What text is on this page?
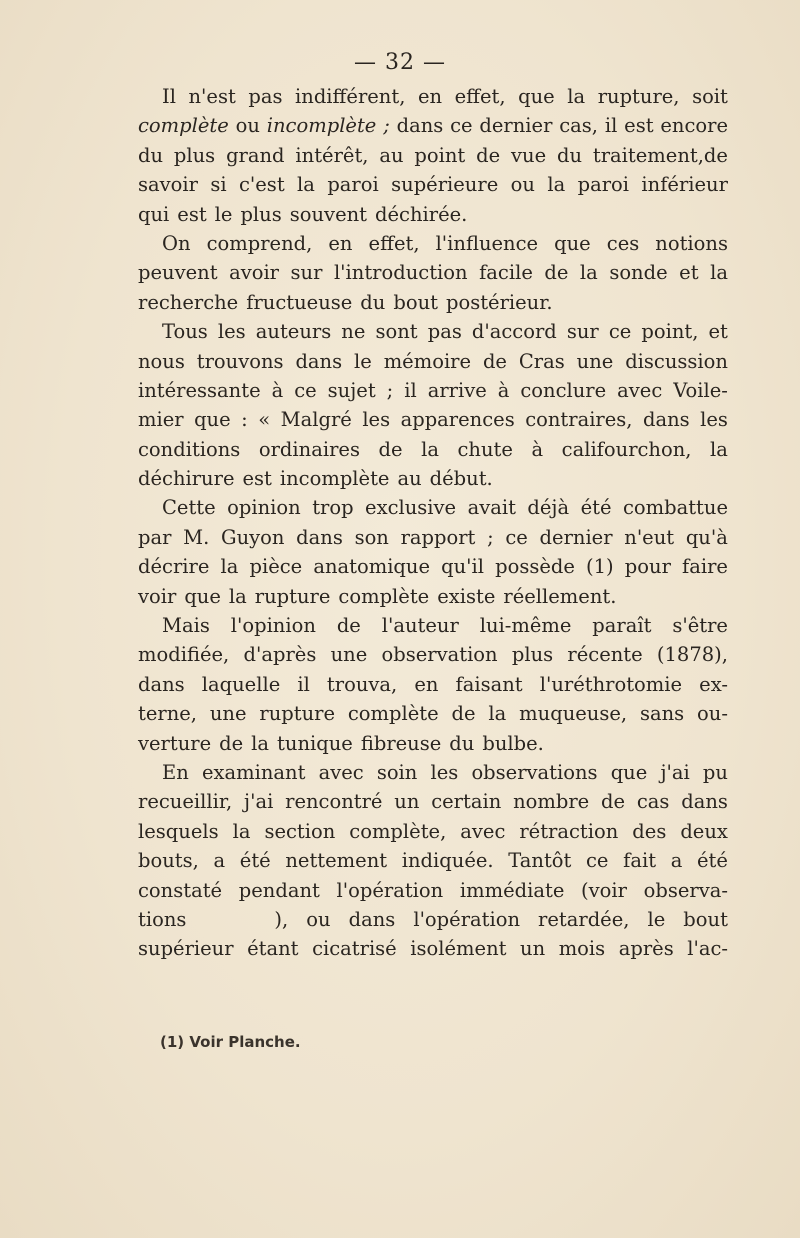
— 32 —
Il n'est pas indifférent, en effet, que la rupture, soit
complète ou incomplète ; dans ce dernier cas, il est encore
du plus grand intérêt, au point de vue du traitement,de
savoir si c'est la paroi supérieure ou la paroi inférieur
qui est le plus souvent déchirée.
On comprend, en effet, l'influence que ces notions
peuvent avoir sur l'introduction facile de la sonde et la
recherche fructueuse du bout postérieur.
Tous les auteurs ne sont pas d'accord sur ce point, et
nous trouvons dans le mémoire de Cras une discussion
intéressante à ce sujet ; il arrive à conclure avec Voile-
mier que : « Malgré les apparences contraires, dans les
conditions ordinaires de la chute à califourchon, la
déchirure est incomplète au début.
Cette opinion trop exclusive avait déjà été combattue
par M. Guyon dans son rapport ; ce dernier n'eut qu'à
décrire la pièce anatomique qu'il possède (1) pour faire
voir que la rupture complète existe réellement.
Mais l'opinion de l'auteur lui-même paraît s'être
modifiée, d'après une observation plus récente (1878),
dans laquelle il trouva, en faisant l'uréthrotomie ex-
terne, une rupture complète de la muqueuse, sans ou-
verture de la tunique fibreuse du bulbe.
En examinant avec soin les observations que j'ai pu
recueillir, j'ai rencontré un certain nombre de cas dans
lesquels la section complète, avec rétraction des deux
bouts, a été nettement indiquée. Tantôt ce fait a été
constaté pendant l'opération immédiate (voir observa-
tions	), ou dans l'opération retardée, le bout
supérieur étant cicatrisé isolément un mois après l'ac-
(1) Voir Planche.
